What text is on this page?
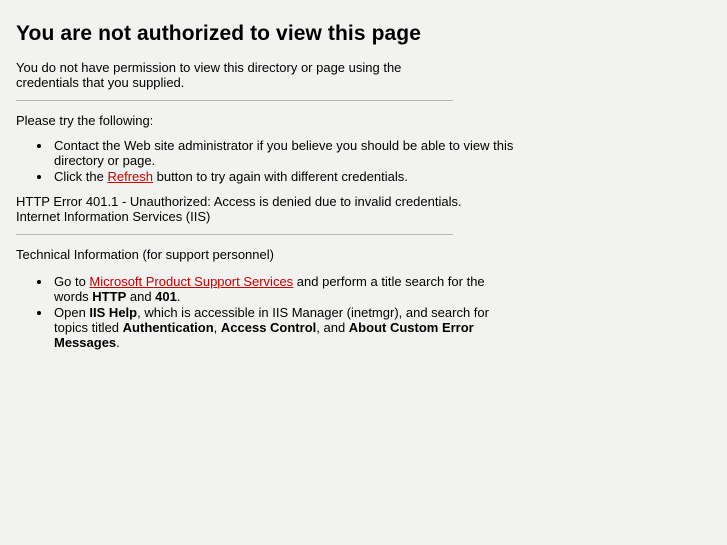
You are not authorized to view this page

You do not have permission to view this directory or page using the credentials that you supplied.

Please try the following:

• Contact the Web site administrator if you believe you should be able to view this directory or page.
• Click the Refresh button to try again with different credentials.
HTTP Error 401.1 - Unauthorized: Access is denied due to invalid credentials.
Internet Information Services (IIS)

Technical Information (for support personnel)

• Go to Microsoft Product Support Services and perform a title search for the words HTTP and 401.
• Open IIS Help, which is accessible in IIS Manager (inetmgr), and search for topics titled Authentication, Access Control, and About Custom Error Messages.
